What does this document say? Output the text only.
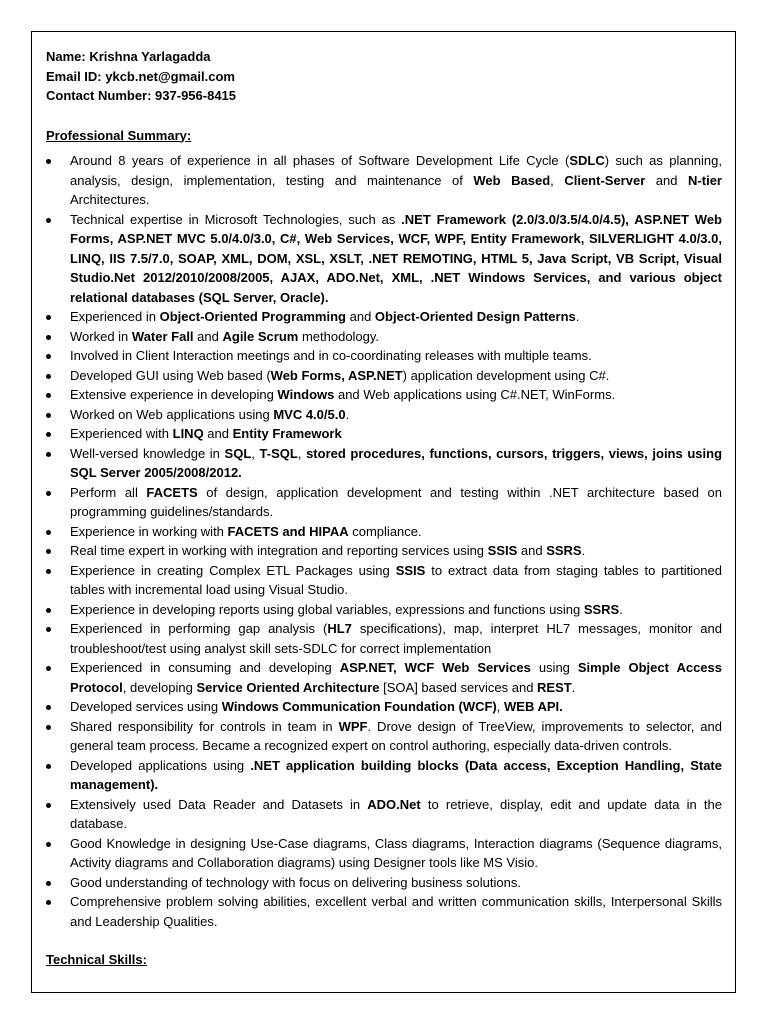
Name: Krishna Yarlagadda
Email ID: ykcb.net@gmail.com
Contact Number: 937-956-8415
Professional Summary:
Around 8 years of experience in all phases of Software Development Life Cycle (SDLC) such as planning, analysis, design, implementation, testing and maintenance of Web Based, Client-Server and N-tier Architectures.
Technical expertise in Microsoft Technologies, such as .NET Framework (2.0/3.0/3.5/4.0/4.5), ASP.NET Web Forms, ASP.NET MVC 5.0/4.0/3.0, C#, Web Services, WCF, WPF, Entity Framework, SILVERLIGHT 4.0/3.0, LINQ, IIS 7.5/7.0, SOAP, XML, DOM, XSL, XSLT, .NET REMOTING, HTML 5, Java Script, VB Script, Visual Studio.Net 2012/2010/2008/2005, AJAX, ADO.Net, XML, .NET Windows Services, and various object relational databases (SQL Server, Oracle).
Experienced in Object-Oriented Programming and Object-Oriented Design Patterns.
Worked in Water Fall and Agile Scrum methodology.
Involved in Client Interaction meetings and in co-coordinating releases with multiple teams.
Developed GUI using Web based (Web Forms, ASP.NET) application development using C#.
Extensive experience in developing Windows and Web applications using C#.NET, WinForms.
Worked on Web applications using MVC 4.0/5.0.
Experienced with LINQ and Entity Framework
Well-versed knowledge in SQL, T-SQL, stored procedures, functions, cursors, triggers, views, joins using SQL Server 2005/2008/2012.
Perform all FACETS of design, application development and testing within .NET architecture based on programming guidelines/standards.
Experience in working with FACETS and HIPAA compliance.
Real time expert in working with integration and reporting services using SSIS and SSRS.
Experience in creating Complex ETL Packages using SSIS to extract data from staging tables to partitioned tables with incremental load using Visual Studio.
Experience in developing reports using global variables, expressions and functions using SSRS.
Experienced in performing gap analysis (HL7 specifications), map, interpret HL7 messages, monitor and troubleshoot/test using analyst skill sets-SDLC for correct implementation
Experienced in consuming and developing ASP.NET, WCF Web Services using Simple Object Access Protocol, developing Service Oriented Architecture [SOA] based services and REST.
Developed services using Windows Communication Foundation (WCF), WEB API.
Shared responsibility for controls in team in WPF. Drove design of TreeView, improvements to selector, and general team process. Became a recognized expert on control authoring, especially data-driven controls.
Developed applications using .NET application building blocks (Data access, Exception Handling, State management).
Extensively used Data Reader and Datasets in ADO.Net to retrieve, display, edit and update data in the database.
Good Knowledge in designing Use-Case diagrams, Class diagrams, Interaction diagrams (Sequence diagrams, Activity diagrams and Collaboration diagrams) using Designer tools like MS Visio.
Good understanding of technology with focus on delivering business solutions.
Comprehensive problem solving abilities, excellent verbal and written communication skills, Interpersonal Skills and Leadership Qualities.
Technical Skills:
